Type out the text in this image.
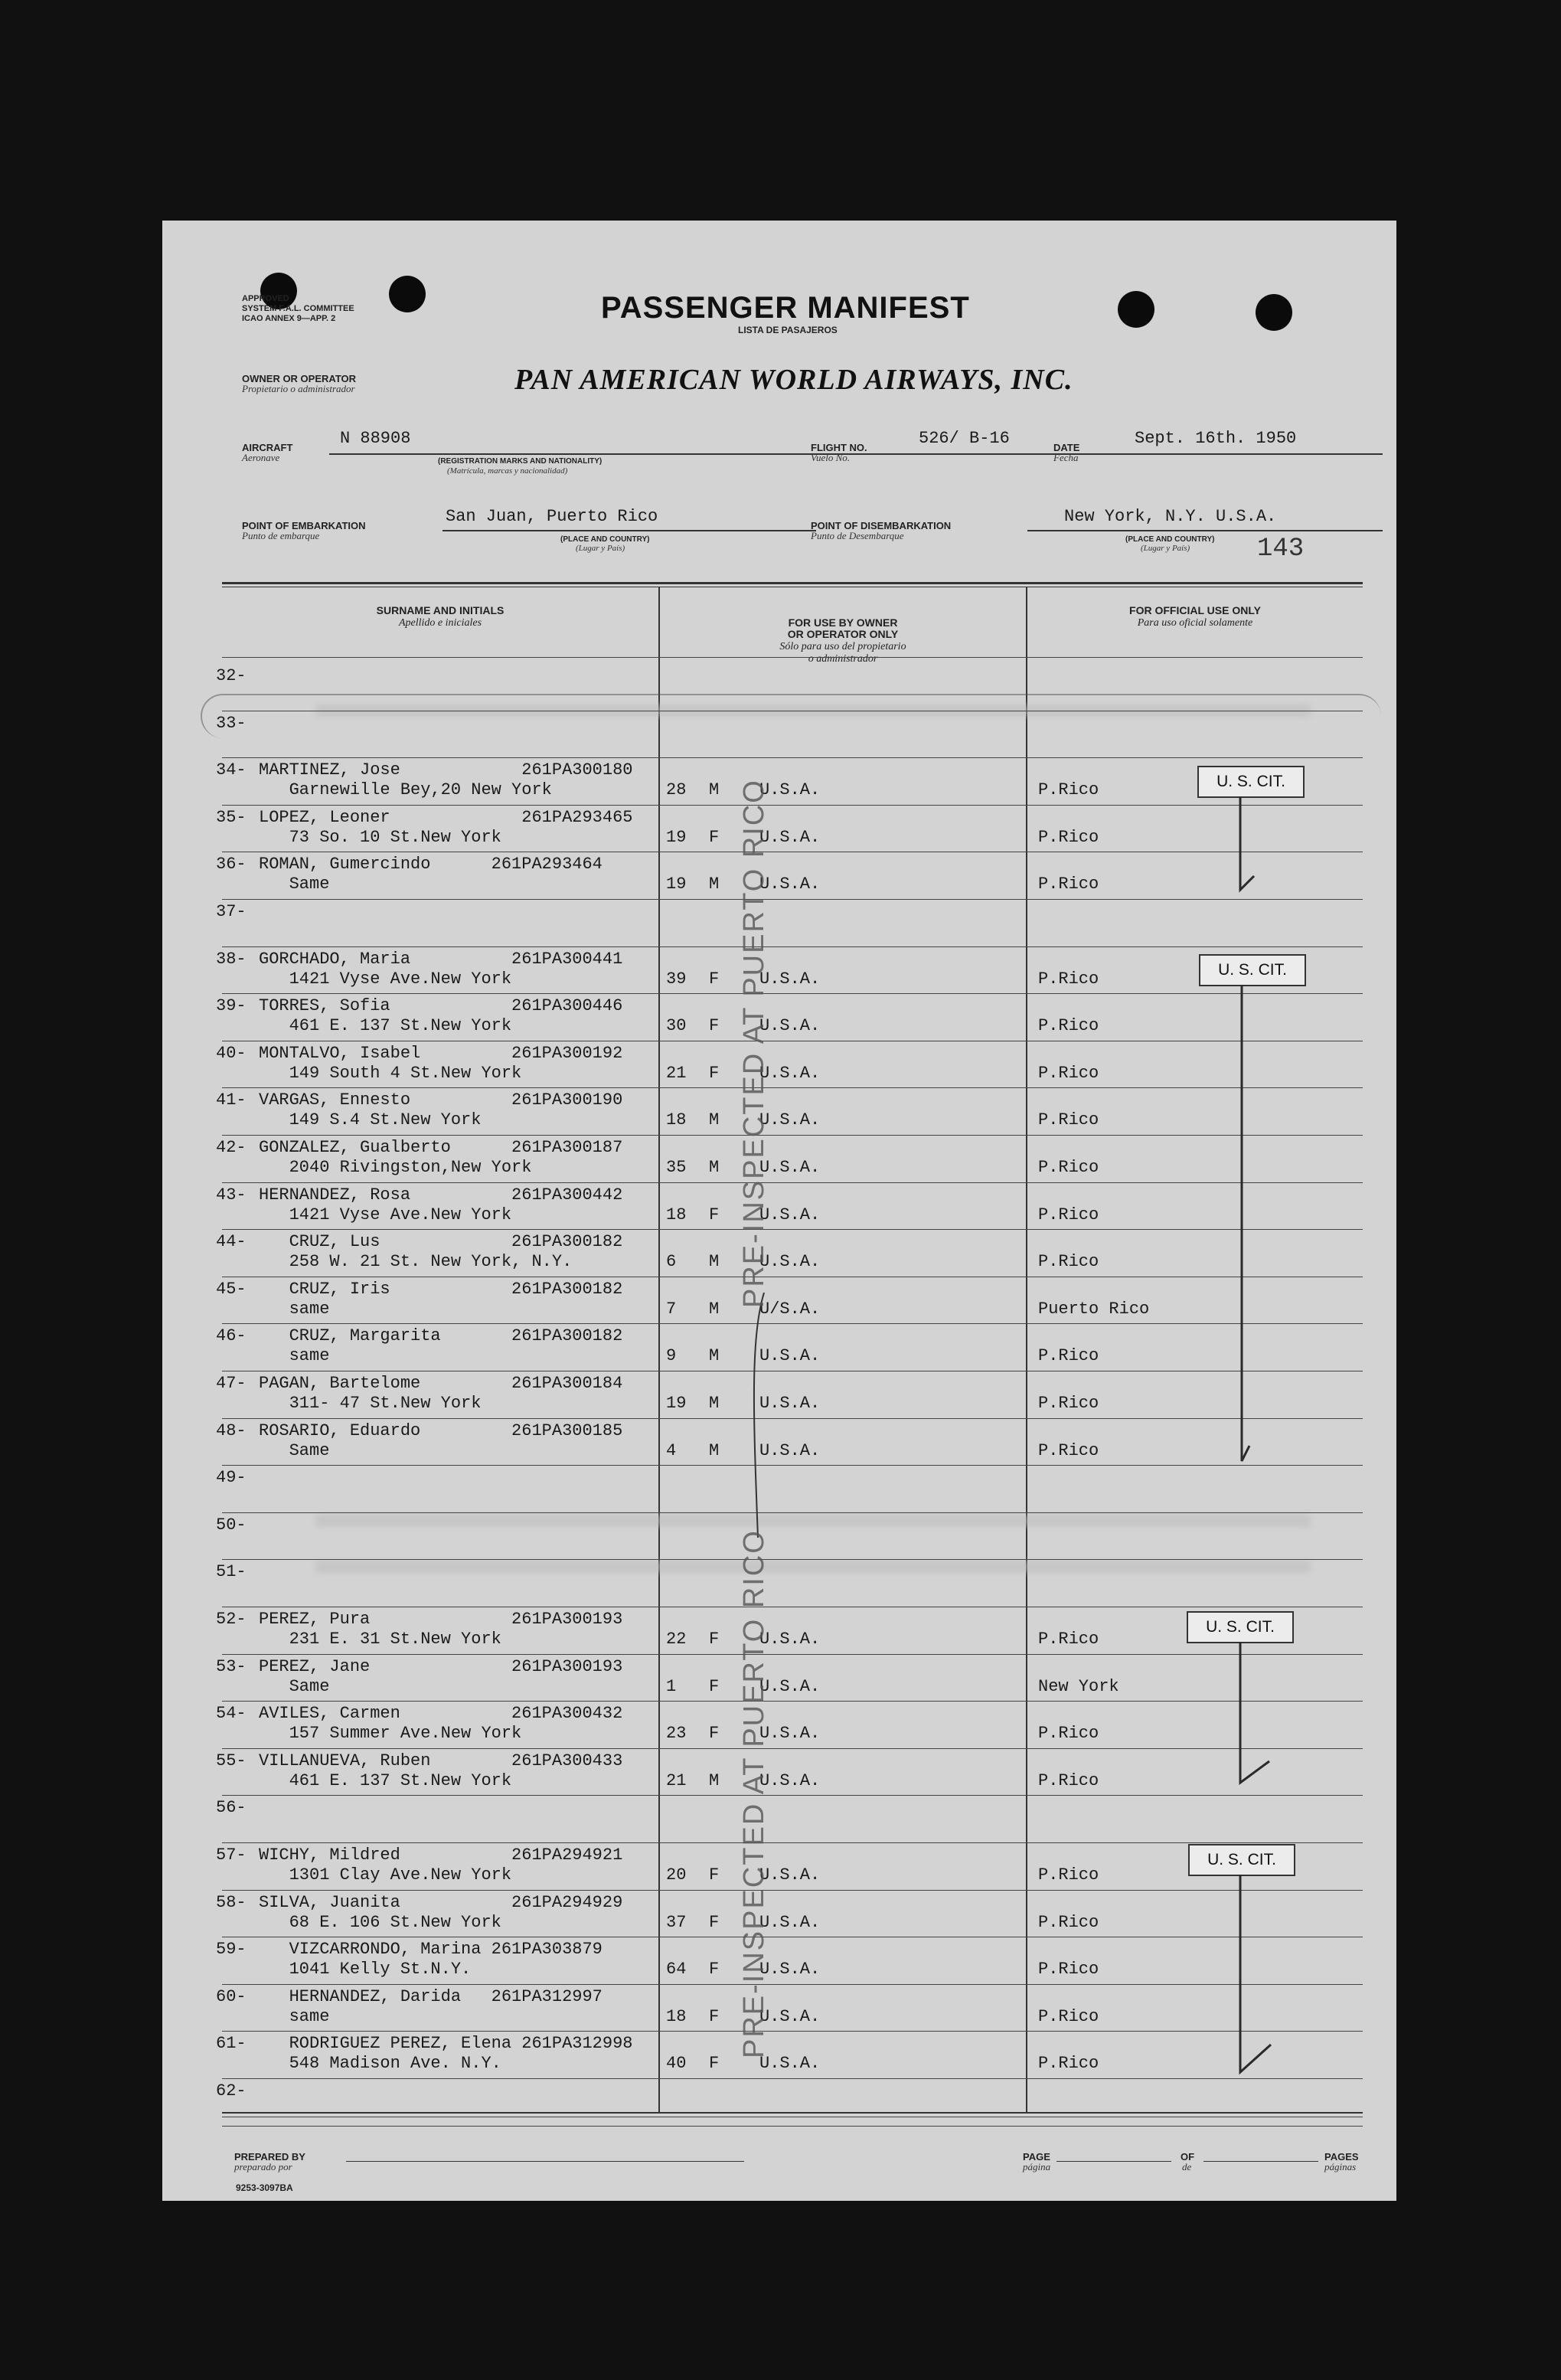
APPROVED
SYSTEM F.A.L. COMMITTEE
ICAO ANNEX 9—APP. 2	PASSENGER MANIFEST
LISTA DE PASAJEROS
OWNER OR OPERATOR
Propietario o administrador	PAN AMERICAN WORLD AIRWAYS, INC.
AIRCRAFT
Aeronave
N 88908
(REGISTRATION MARKS AND NATIONALITY)
(Matrícula, marcas y nacionalidad)
FLIGHT NO.
Vuelo No.
526/ B-16	DATE
Fecha
Sept. 16th. 1950
POINT OF EMBARKATION
Punto de embarque
San Juan, Puerto Rico
(PLACE AND COUNTRY)
(Lugar y País)
POINT OF DISEMBARKATION
Punto de Desembarque
New York, N.Y. U.S.A.
(PLACE AND COUNTRY)
(Lugar y País)	143
SURNAME AND INITIALS
Apellido e iniciales

	FOR USE BY OWNER
OR OPERATOR ONLY
Sólo para uso del propietario
o administrador

FOR OFFICIAL USE ONLY
Para uso oficial solamente
32-
33-
34- MARTINEZ, Jose            261PA300180
Garnewille Bey,20 New York	28 M U.S.A.	P.Rico
35- LOPEZ, Leoner             261PA293465
73 So. 10 St.New York	19 F U.S.A.	P.Rico
36- ROMAN, Gumercindo      261PA293464
Same	19 M U.S.A.	P.Rico
37-
38- GORCHADO, Maria          261PA300441
1421 Vyse Ave.New York	39 F U.S.A.	P.Rico
39- TORRES, Sofia            261PA300446
461 E. 137 St.New York	30 F U.S.A.	P.Rico
40- MONTALVO, Isabel         261PA300192
149 South 4 St.New York	21 F U.S.A.	P.Rico
41- VARGAS, Ennesto          261PA300190
149 S.4 St.New York	18 M U.S.A.	P.Rico
42- GONZALEZ, Gualberto      261PA300187
2040 Rivingston,New York	35 M U.S.A.	P.Rico
43- HERNANDEZ, Rosa          261PA300442
1421 Vyse Ave.New York	18 F U.S.A.	P.Rico
44- CRUZ, Lus             261PA300182
258 W. 21 St. New York, N.Y.	6 M U.S.A.	P.Rico
45- CRUZ, Iris            261PA300182
same	7 M U/S.A.	Puerto Rico
46- CRUZ, Margarita       261PA300182
same	9 M U.S.A.	P.Rico
47- PAGAN, Bartelome         261PA300184
311- 47 St.New York	19 M U.S.A.	P.Rico
48- ROSARIO, Eduardo         261PA300185
Same	4 M U.S.A.	P.Rico
49-
50-
51-
52- PEREZ, Pura              261PA300193
231 E. 31 St.New York	22 F U.S.A.	P.Rico
53- PEREZ, Jane              261PA300193
Same	1 F U.S.A.	New York
54- AVILES, Carmen           261PA300432
157 Summer Ave.New York	23 F U.S.A.	P.Rico
55- VILLANUEVA, Ruben        261PA300433
461 E. 137 St.New York	21 M U.S.A.	P.Rico
56-
57- WICHY, Mildred           261PA294921
1301 Clay Ave.New York	20 F U.S.A.	P.Rico
58- SILVA, Juanita           261PA294929
68 E. 106 St.New York	37 F U.S.A.	P.Rico
59- VIZCARRONDO, Marina 261PA303879
1041 Kelly St.N.Y.	64 F U.S.A.	P.Rico
60- HERNANDEZ, Darida   261PA312997
same	18 F U.S.A.	P.Rico
61- RODRIGUEZ PEREZ, Elena 261PA312998
548 Madison Ave. N.Y.	40 F U.S.A.	P.Rico
62-
U. S. CIT.
U. S. CIT.
U. S. CIT.
U. S. CIT.
PRE-INSPECTED AT PUERTO RICO
PRE-INSPECTED AT PUERTO RICO
PREPARED BY
preparado por
PAGE
página
OF
de
PAGES
páginas
9253-3097BA
